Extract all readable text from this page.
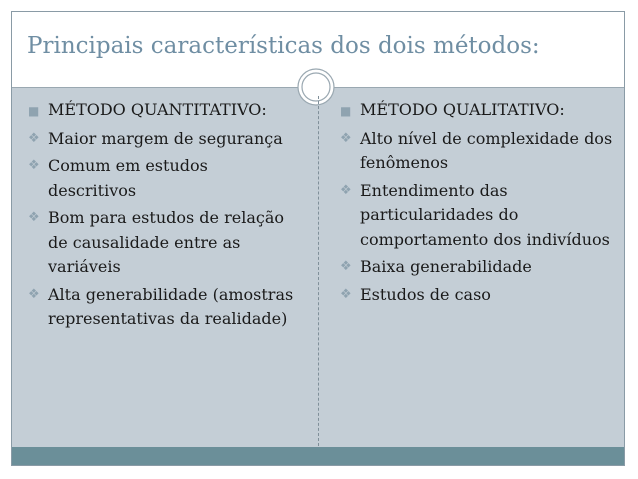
Principais características dos dois métodos:
■ MÉTODO QUANTITATIVO:
❖ Maior margem de segurança
❖ Comum em estudos descritivos
❖ Bom para estudos de relação de causalidade entre as variáveis
❖ Alta generabilidade (amostras representativas da realidade)
■ MÉTODO QUALITATIVO:
❖ Alto nível de complexidade dos fenômenos
❖ Entendimento das particularidades do comportamento dos indivíduos
❖ Baixa generabilidade
❖ Estudos de caso
